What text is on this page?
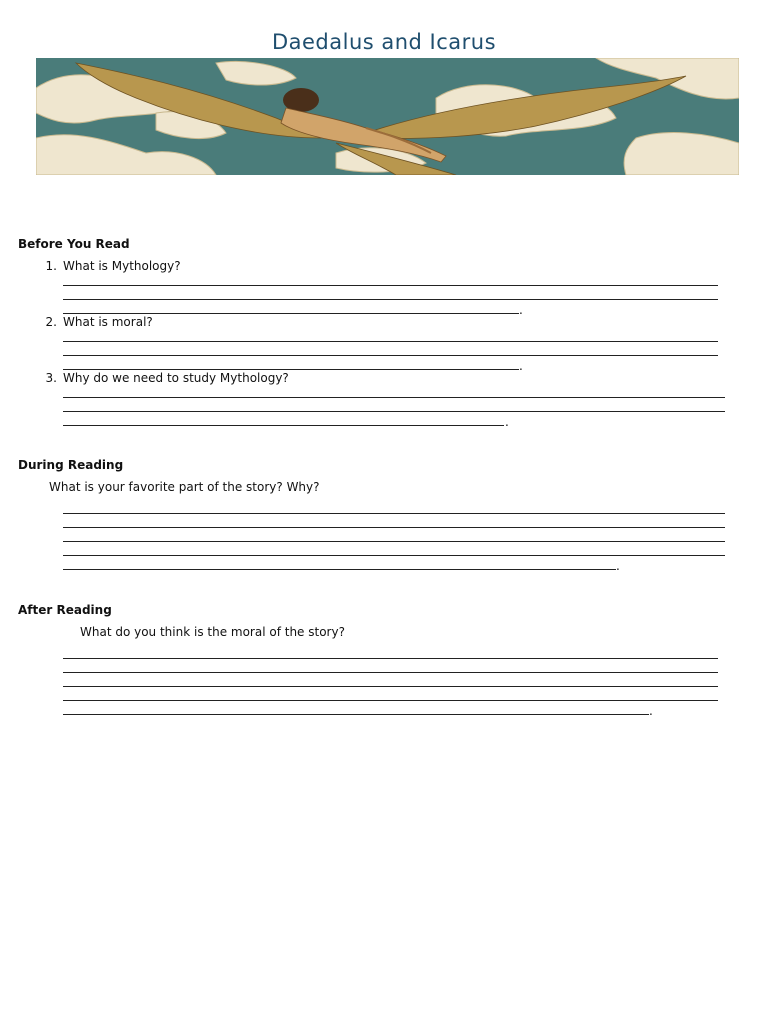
Daedalus and Icarus
Before You Read
1. What is Mythology?
.
2. What is moral?
.
3. Why do we need to study Mythology?
.
During Reading
What is your favorite part of the story? Why?
.
After Reading
What do you think is the moral of the story?
.
